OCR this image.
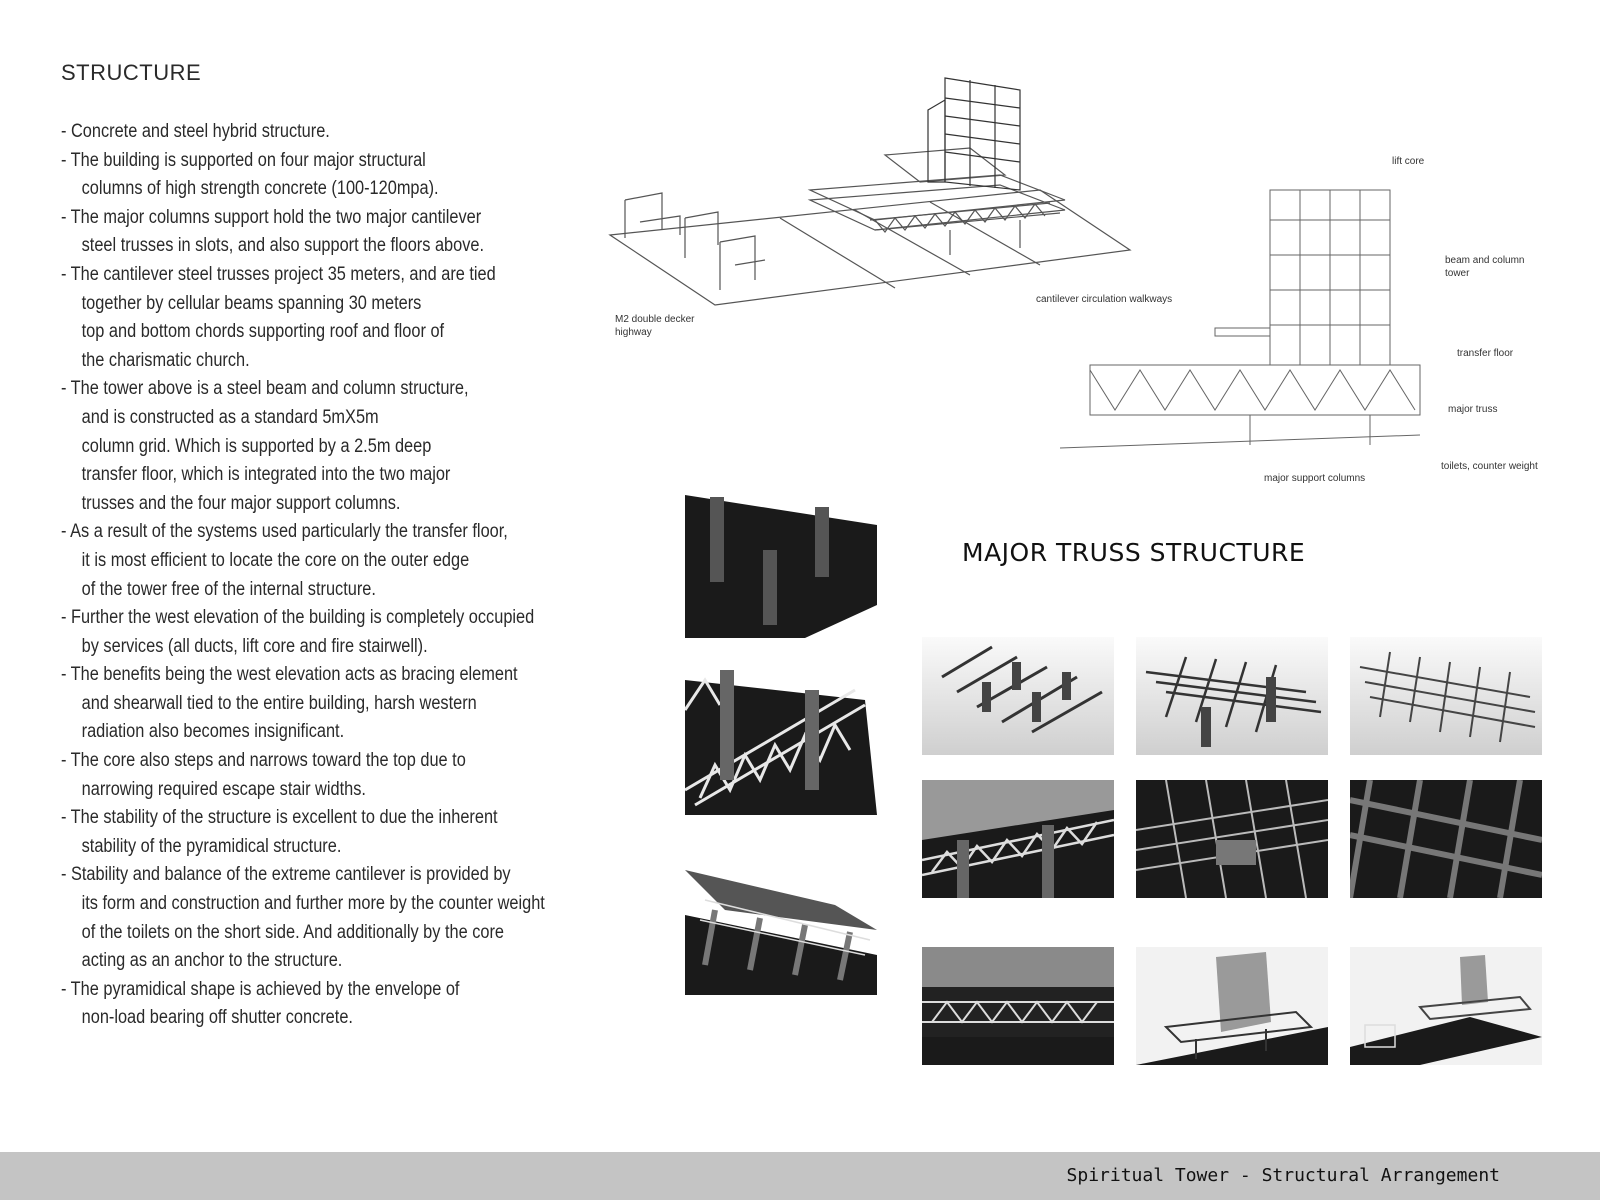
STRUCTURE
- Concrete and steel hybrid structure.
- The building is supported on four major structural
columns of high strength concrete (100-120mpa).
- The major columns support hold the two major cantilever
steel trusses in slots, and also support the floors above.
- The cantilever steel trusses project 35 meters, and are tied
together by cellular beams spanning 30 meters
top and bottom chords supporting roof and floor of
the charismatic church.
- The tower above is a steel beam and column structure,
and is constructed as a standard 5mX5m
column grid. Which is supported by a 2.5m deep
transfer floor, which is integrated into the two major
trusses and the four major support columns.
- As a result of the systems used particularly the transfer floor,
it is most efficient to locate the core on the outer edge
of the tower free of the internal structure.
- Further the west elevation of the building is completely occupied
by services (all ducts, lift core and fire stairwell).
- The benefits being the west elevation acts as bracing element
and shearwall tied to the entire building, harsh western
radiation also becomes insignificant.
- The core also steps and narrows toward the top due to
narrowing required escape stair widths.
- The stability of the structure is excellent to due the inherent
stability of the pyramidical structure.
- Stability and balance of the extreme cantilever is provided by
its form and construction and further more by the counter weight
of the toilets on the short side. And additionally by the core
acting as an anchor to the structure.
- The pyramidical shape is achieved by the envelope of
non-load bearing off shutter concrete.
M2 double decker
highway
cantilever circulation walkways
lift core
beam and column
tower
transfer floor
major truss
toilets, counter weight
major support columns
MAJOR TRUSS STRUCTURE
Spiritual Tower - Structural Arrangement
